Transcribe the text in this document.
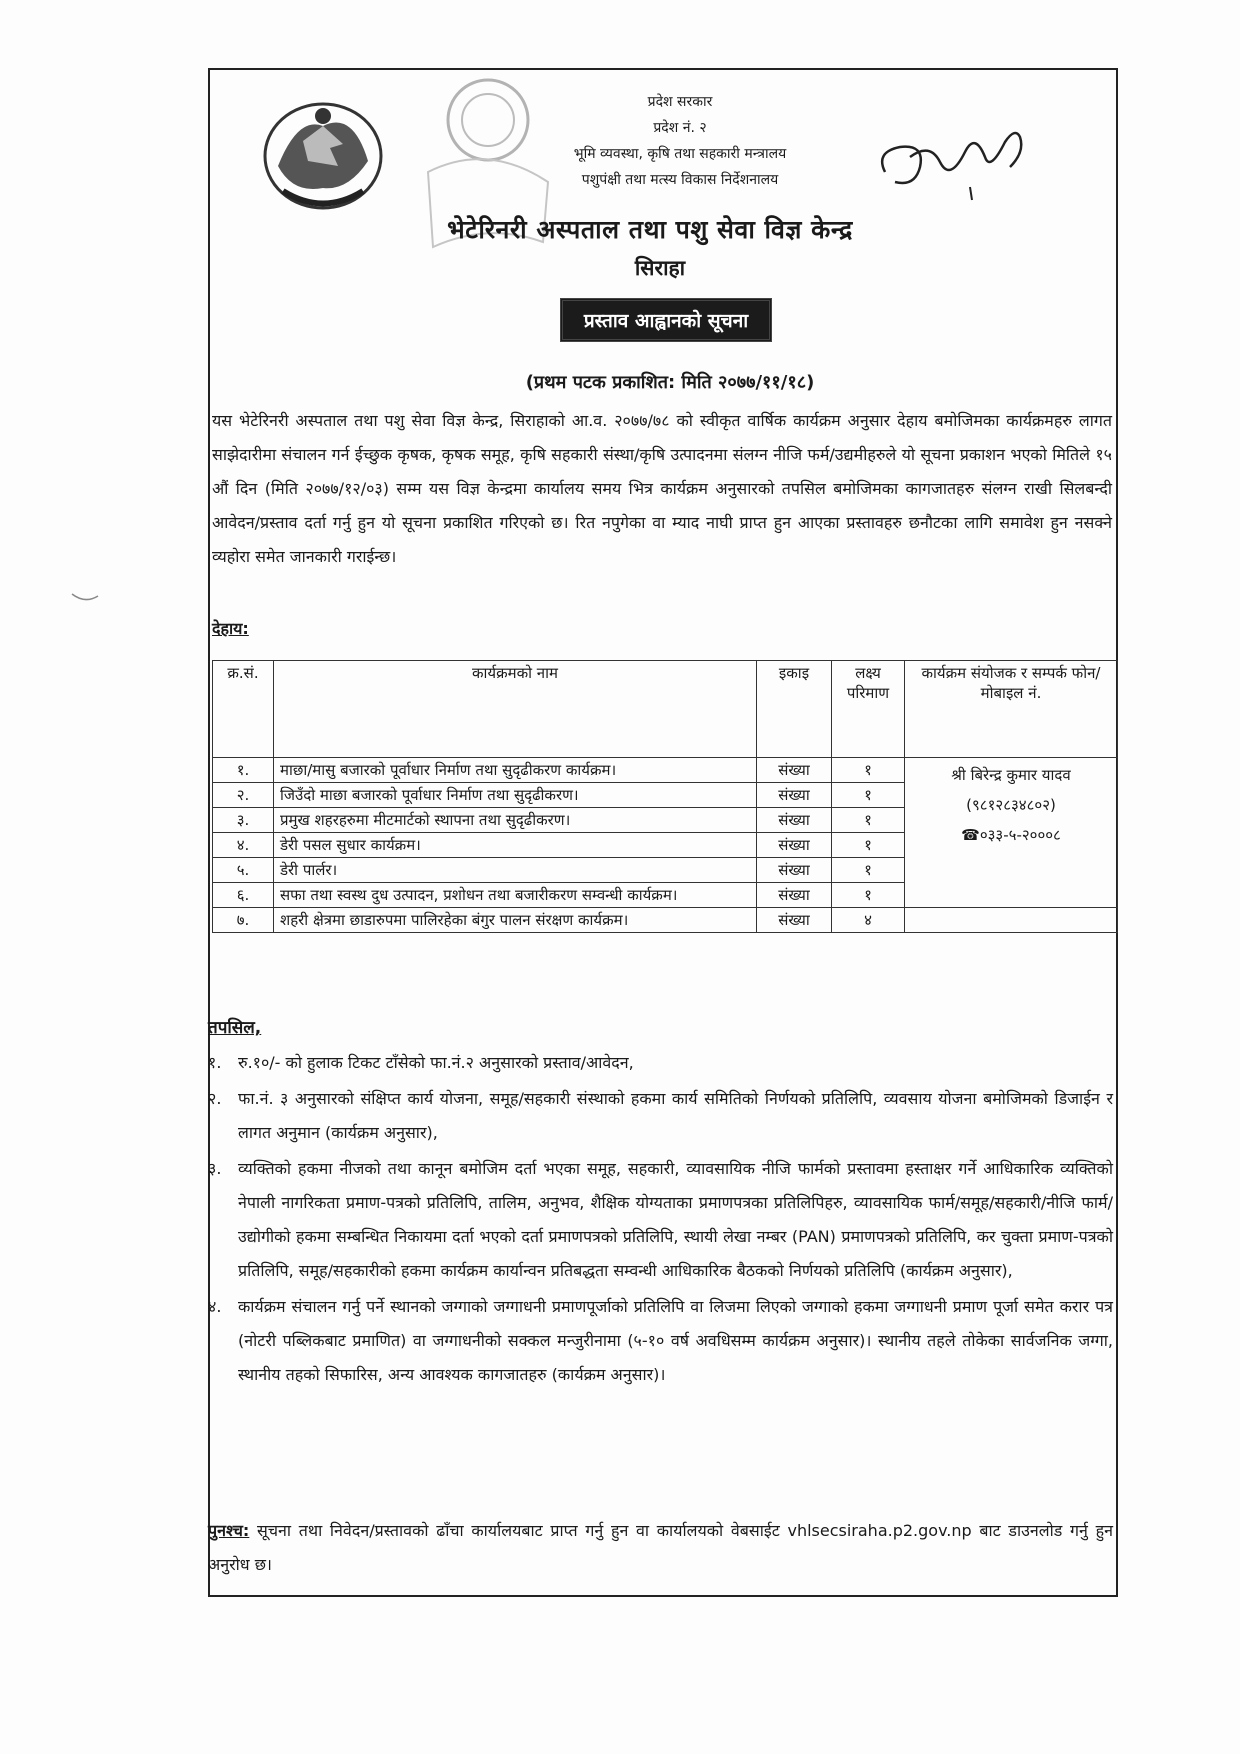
प्रदेश सरकार
प्रदेश नं. २
भूमि व्यवस्था, कृषि तथा सहकारी मन्त्रालय
पशुपंक्षी तथा मत्स्य विकास निर्देशनालय
भेटेरिनरी अस्पताल तथा पशु सेवा विज्ञ केन्द्र
सिराहा
प्रस्ताव आह्वानको सूचना
(प्रथम पटक प्रकाशित: मिति २०७७/११/१८)
यस भेटेरिनरी अस्पताल तथा पशु सेवा विज्ञ केन्द्र, सिराहाको आ.व. २०७७/७८ को स्वीकृत वार्षिक कार्यक्रम अनुसार देहाय बमोजिमका कार्यक्रमहरु लागत साझेदारीमा संचालन गर्न ईच्छुक कृषक, कृषक समूह, कृषि सहकारी संस्था/कृषि उत्पादनमा संलग्न नीजि फर्म/उद्यमीहरुले यो सूचना प्रकाशन भएको मितिले १५ औं दिन (मिति २०७७/१२/०३) सम्म यस विज्ञ केन्द्रमा कार्यालय समय भित्र कार्यक्रम अनुसारको तपसिल बमोजिमका कागजातहरु संलग्न राखी सिलबन्दी आवेदन/प्रस्ताव दर्ता गर्नु हुन यो सूचना प्रकाशित गरिएको छ। रित नपुगेका वा म्याद नाघी प्राप्त हुन आएका प्रस्तावहरु छनौटका लागि समावेश हुन नसक्ने व्यहोरा समेत जानकारी गराईन्छ।
देहाय:
क्र.सं.	कार्यक्रमको नाम	इकाइ	लक्ष्य परिमाण	कार्यक्रम संयोजक र सम्पर्क फोन/मोबाइल नं.
१.	माछा/मासु बजारको पूर्वाधार निर्माण तथा सुदृढीकरण कार्यक्रम।	संख्या	१	श्री बिरेन्द्र कुमार यादव
(९८१२८३४८०२)
☎०३३-५-२०००८

२.	जिउँदो माछा बजारको पूर्वाधार निर्माण तथा सुदृढीकरण।	संख्या	१	
३.	प्रमुख शहरहरुमा मीटमार्टको स्थापना तथा सुदृढीकरण।	संख्या	१	
४.	डेरी पसल सुधार कार्यक्रम।	संख्या	१	
५.	डेरी पार्लर।	संख्या	१	
६.	सफा तथा स्वस्थ दुध उत्पादन, प्रशोधन तथा बजारीकरण सम्वन्धी कार्यक्रम।	संख्या	१	
७.	शहरी क्षेत्रमा छाडारुपमा पालिरहेका बंगुर पालन संरक्षण कार्यक्रम।	संख्या	४	
तपसिल,
१.	रु.१०/- को हुलाक टिकट टाँसेको फा.नं.२ अनुसारको प्रस्ताव/आवेदन,
२.	फा.नं. ३ अनुसारको संक्षिप्त कार्य योजना, समूह/सहकारी संस्थाको हकमा कार्य समितिको निर्णयको प्रतिलिपि, व्यवसाय योजना बमोजिमको डिजाईन र लागत अनुमान (कार्यक्रम अनुसार),
३.	व्यक्तिको हकमा नीजको तथा कानून बमोजिम दर्ता भएका समूह, सहकारी, व्यावसायिक नीजि फार्मको प्रस्तावमा हस्ताक्षर गर्ने आधिकारिक व्यक्तिको नेपाली नागरिकता प्रमाण-पत्रको प्रतिलिपि, तालिम, अनुभव, शैक्षिक योग्यताका प्रमाणपत्रका प्रतिलिपिहरु, व्यावसायिक फार्म/समूह/सहकारी/नीजि फार्म/उद्योगीको हकमा सम्बन्धित निकायमा दर्ता भएको दर्ता प्रमाणपत्रको प्रतिलिपि, स्थायी लेखा नम्बर (PAN) प्रमाणपत्रको प्रतिलिपि, कर चुक्ता प्रमाण-पत्रको प्रतिलिपि, समूह/सहकारीको हकमा कार्यक्रम कार्यान्वन प्रतिबद्धता सम्वन्धी आधिकारिक बैठकको निर्णयको प्रतिलिपि (कार्यक्रम अनुसार),
४.	कार्यक्रम संचालन गर्नु पर्ने स्थानको जग्गाको जग्गाधनी प्रमाणपूर्जाको प्रतिलिपि वा लिजमा लिएको जग्गाको हकमा जग्गाधनी प्रमाण पूर्जा समेत करार पत्र (नोटरी पब्लिकबाट प्रमाणित) वा जग्गाधनीको सक्कल मन्जुरीनामा (५-१० वर्ष अवधिसम्म कार्यक्रम अनुसार)। स्थानीय तहले तोकेका सार्वजनिक जग्गा, स्थानीय तहको सिफारिस, अन्य आवश्यक कागजातहरु (कार्यक्रम अनुसार)।
पुनश्च: सूचना तथा निवेदन/प्रस्तावको ढाँचा कार्यालयबाट प्राप्त गर्नु हुन वा कार्यालयको वेबसाईट vhlsecsiraha.p2.gov.np बाट डाउनलोड गर्नु हुन अनुरोध छ।
